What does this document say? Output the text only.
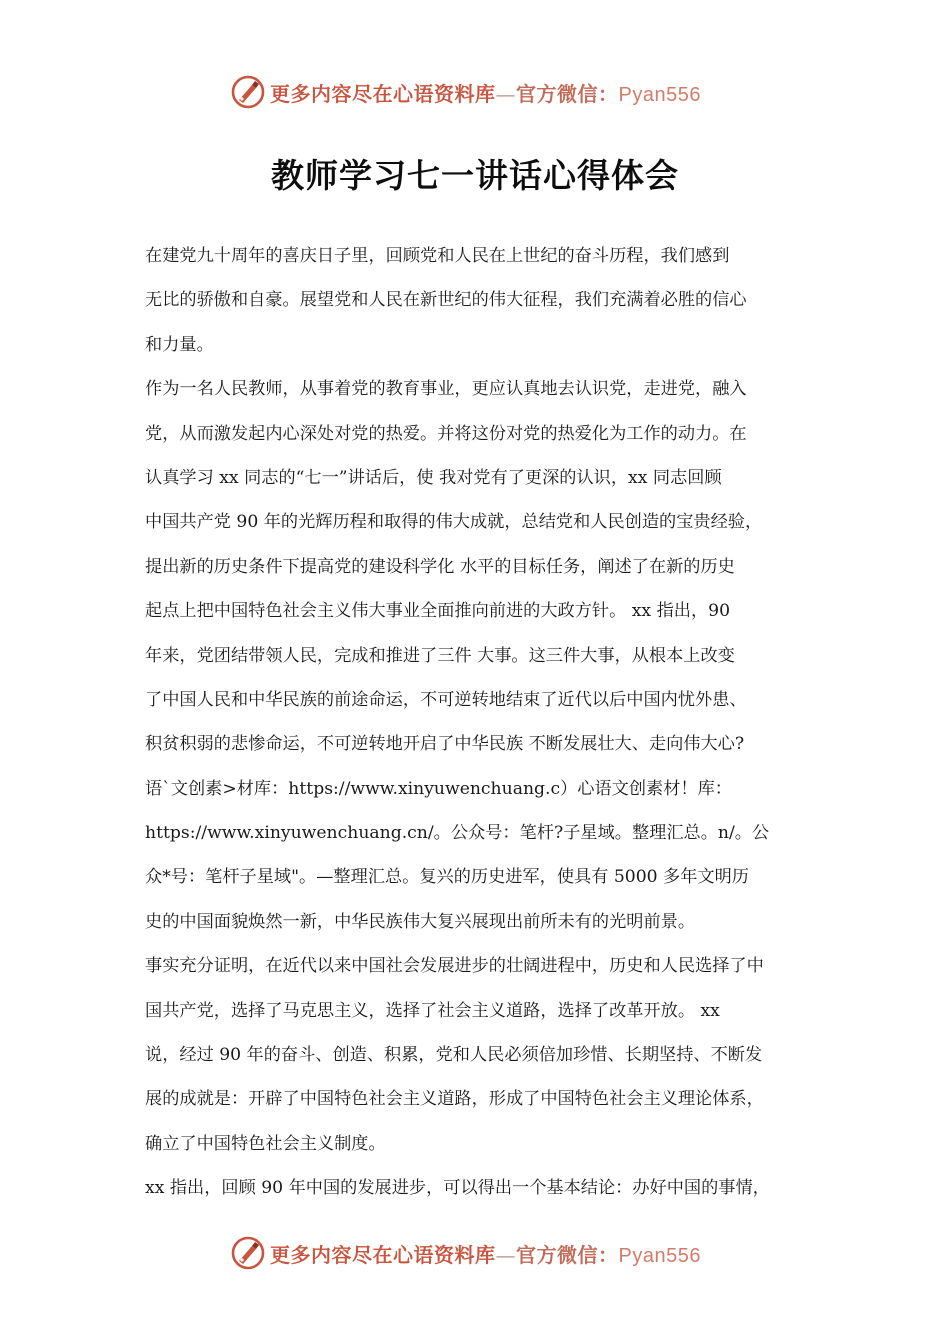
更多内容尽在心语资料库—官方微信：Pyan556
教师学习七一讲话心得体会
在建党九十周年的喜庆日子里，回顾党和人民在上世纪的奋斗历程，我们感到
无比的骄傲和自豪。展望党和人民在新世纪的伟大征程，我们充满着必胜的信心
和力量。
作为一名人民教师，从事着党的教育事业，更应认真地去认识党，走进党，融入
党，从而激发起内心深处对党的热爱。并将这份对党的热爱化为工作的动力。在
认真学习 xx 同志的“七一”讲话后，使 我对党有了更深的认识，xx 同志回顾
中国共产党 90 年的光辉历程和取得的伟大成就，总结党和人民创造的宝贵经验，
提出新的历史条件下提高党的建设科学化 水平的目标任务，阐述了在新的历史
起点上把中国特色社会主义伟大事业全面推向前进的大政方针。 xx 指出，90
年来，党团结带领人民，完成和推进了三件 大事。这三件大事，从根本上改变
了中国人民和中华民族的前途命运，不可逆转地结束了近代以后中国内忧外患、
积贫积弱的悲惨命运，不可逆转地开启了中华民族 不断发展壮大、走向伟大心?
语`文创素>材库：https://www.xinyuwenchuang.c）心语文创素材！库：
https://www.xinyuwenchuang.cn/。公众号：笔杆?子星域。整理汇总。n/。公
众*号：笔杆子星域"。—整理汇总。复兴的历史进军，使具有 5000 多年文明历
史的中国面貌焕然一新，中华民族伟大复兴展现出前所未有的光明前景。
事实充分证明，在近代以来中国社会发展进步的壮阔进程中，历史和人民选择了中
国共产党，选择了马克思主义，选择了社会主义道路，选择了改革开放。 xx
说，经过 90 年的奋斗、创造、积累，党和人民必须倍加珍惜、长期坚持、不断发
展的成就是：开辟了中国特色社会主义道路，形成了中国特色社会主义理论体系，
确立了中国特色社会主义制度。
xx 指出，回顾 90 年中国的发展进步，可以得出一个基本结论：办好中国的事情，
更多内容尽在心语资料库—官方微信：Pyan556
